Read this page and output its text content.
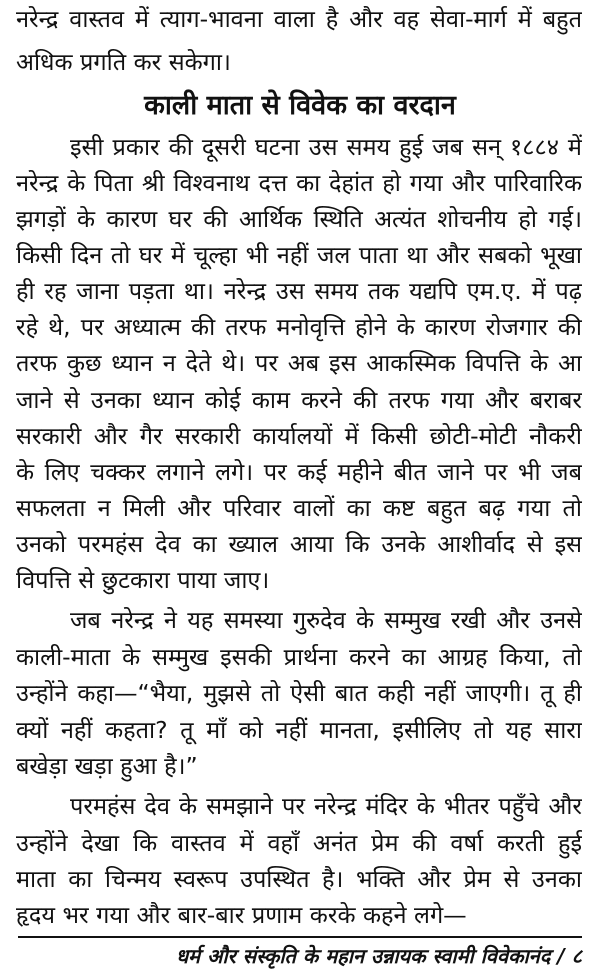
नरेन्द्र वास्तव में त्याग-भावना वाला है और वह सेवा-मार्ग में बहुत
अधिक प्रगति कर सकेगा।
काली माता से विवेक का वरदान
इसी प्रकार की दूसरी घटना उस समय हुई जब सन् १८८४ में
नरेन्द्र के पिता श्री विश्वनाथ दत्त का देहांत हो गया और पारिवारिक
झगड़ों के कारण घर की आर्थिक स्थिति अत्यंत शोचनीय हो गई।
किसी दिन तो घर में चूल्हा भी नहीं जल पाता था और सबको भूखा
ही रह जाना पड़ता था। नरेन्द्र उस समय तक यद्यपि एम.ए. में पढ़
रहे थे, पर अध्यात्म की तरफ मनोवृत्ति होने के कारण रोजगार की
तरफ कुछ ध्यान न देते थे। पर अब इस आकस्मिक विपत्ति के आ
जाने से उनका ध्यान कोई काम करने की तरफ गया और बराबर
सरकारी और गैर सरकारी कार्यालयों में किसी छोटी-मोटी नौकरी
के लिए चक्कर लगाने लगे। पर कई महीने बीत जाने पर भी जब
सफलता न मिली और परिवार वालों का कष्ट बहुत बढ़ गया तो
उनको परमहंस देव का ख्याल आया कि उनके आशीर्वाद से इस
विपत्ति से छुटकारा पाया जाए।
जब नरेन्द्र ने यह समस्या गुरुदेव के सम्मुख रखी और उनसे
काली-माता के सम्मुख इसकी प्रार्थना करने का आग्रह किया, तो
उन्होंने कहा—“भैया, मुझसे तो ऐसी बात कही नहीं जाएगी। तू ही
क्यों नहीं कहता? तू माँ को नहीं मानता, इसीलिए तो यह सारा
बखेड़ा खड़ा हुआ है।”
परमहंस देव के समझाने पर नरेन्द्र मंदिर के भीतर पहुँचे और
उन्होंने देखा कि वास्तव में वहाँ अनंत प्रेम की वर्षा करती हुई
माता का चिन्मय स्वरूप उपस्थित है। भक्ति और प्रेम से उनका
हृदय भर गया और बार-बार प्रणाम करके कहने लगे—
धर्म और संस्कृति के महान उन्नायक स्वामी विवेकानंद / ८
